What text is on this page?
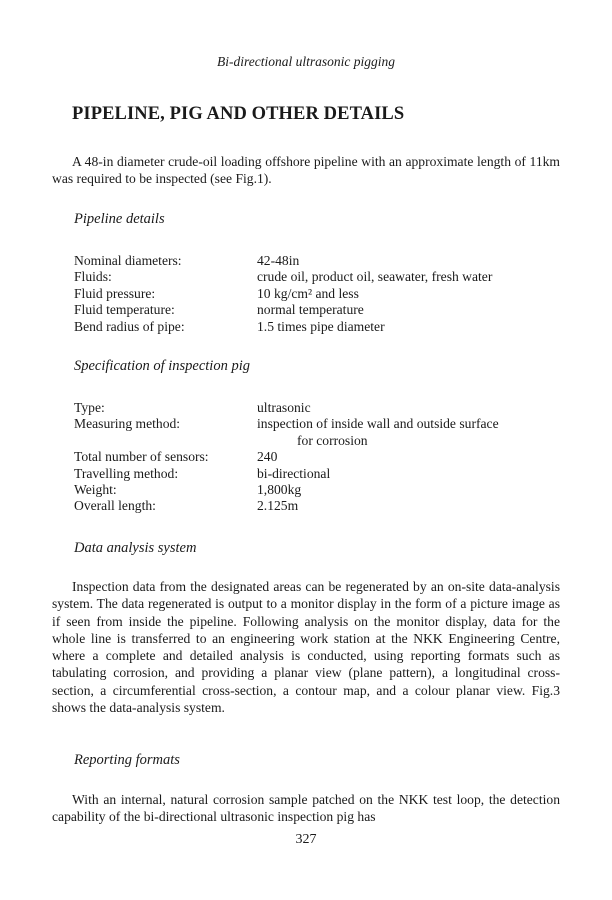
Bi-directional ultrasonic pigging
PIPELINE, PIG AND OTHER DETAILS

A 48-in diameter crude-oil loading offshore pipeline with an approximate length of 11km was required to be inspected (see Fig.1).

Pipeline details
Nominal diameters:	42-48in
Fluids:	crude oil, product oil, seawater, fresh water
Fluid pressure:	10 kg/cm² and less
Fluid temperature:	normal temperature
Bend radius of pipe:	1.5 times pipe diameter
Specification of inspection pig
Type:	ultrasonic
Measuring method:	inspection of inside wall and outside surface
for corrosion
Total number of sensors:	240
Travelling method:	bi-directional
Weight:	1,800kg
Overall length:	2.125m
Data analysis system

Inspection data from the designated areas can be regenerated by an on-site data-analysis system. The data regenerated is output to a monitor display in the form of a picture image as if seen from inside the pipeline. Following analysis on the monitor display, data for the whole line is transferred to an engineering work station at the NKK Engineering Centre, where a complete and detailed analysis is conducted, using reporting formats such as tabulating corrosion, and providing a planar view (plane pattern), a longitudinal cross-section, a circumferential cross-section, a contour map, and a colour planar view. Fig.3 shows the data-analysis system.

Reporting formats

With an internal, natural corrosion sample patched on the NKK test loop, the detection capability of the bi-directional ultrasonic inspection pig has

327
